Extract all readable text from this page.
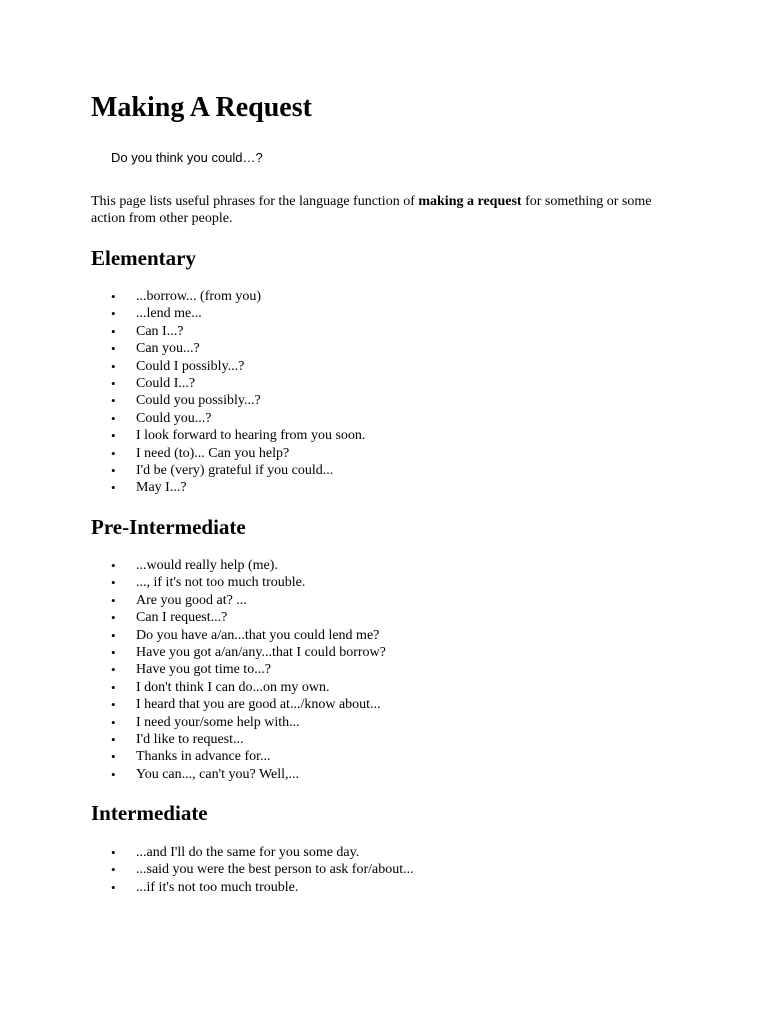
Making A Request

Do you think you could…?

This page lists useful phrases for the language function of making a request for something or some action from other people.

Elementary
• ...borrow... (from you)
• ...lend me...
• Can I...?
• Can you...?
• Could I possibly...?
• Could I...?
• Could you possibly...?
• Could you...?
• I look forward to hearing from you soon.
• I need (to)... Can you help?
• I'd be (very) grateful if you could...
• May I...?
Pre-Intermediate
• ...would really help (me).
• ..., if it's not too much trouble.
• Are you good at? ...
• Can I request...?
• Do you have a/an...that you could lend me?
• Have you got a/an/any...that I could borrow?
• Have you got time to...?
• I don't think I can do...on my own.
• I heard that you are good at.../know about...
• I need your/some help with...
• I'd like to request...
• Thanks in advance for...
• You can..., can't you? Well,...
Intermediate
• ...and I'll do the same for you some day.
• ...said you were the best person to ask for/about...
• ...if it's not too much trouble.
